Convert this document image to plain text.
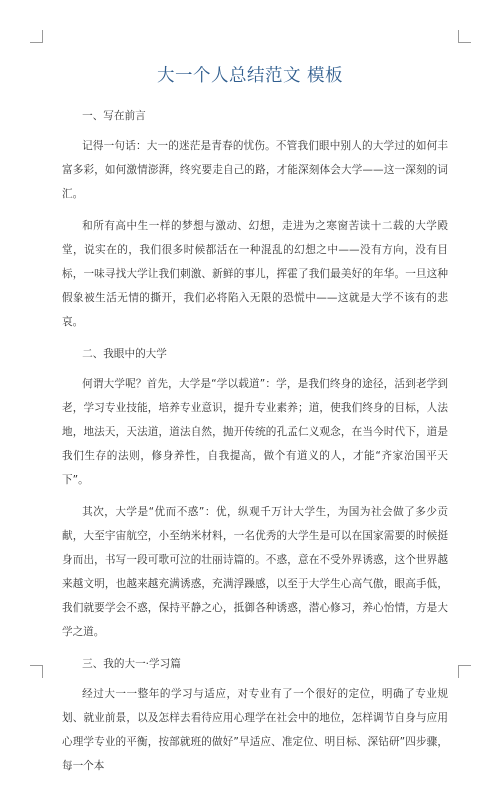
大一个人总结范文 模板

一、写在前言

记得一句话：大一的迷茫是青春的忧伤。不管我们眼中别人的大学过的如何丰富多彩，如何激情澎湃，终究要走自己的路，才能深刻体会大学——这一深刻的词汇。

和所有高中生一样的梦想与激动、幻想，走进为之寒窗苦读十二载的大学殿堂，说实在的，我们很多时候都活在一种混乱的幻想之中——没有方向，没有目标，一味寻找大学让我们刺激、新鲜的事儿，挥霍了我们最美好的年华。一旦这种假象被生活无情的撕开，我们必将陷入无限的恐慌中——这就是大学不该有的悲哀。

二、我眼中的大学

何谓大学呢？首先，大学是“学以载道”：学，是我们终身的途径，活到老学到老，学习专业技能，培养专业意识，提升专业素养；道，使我们终身的目标，人法地，地法天，天法道，道法自然，抛开传统的孔孟仁义观念，在当今时代下，道是我们生存的法则，修身养性，自我提高，做个有道义的人，才能“齐家治国平天下”。

其次，大学是“优而不惑”：优，纵观千万计大学生，为国为社会做了多少贡献，大至宇宙航空，小至纳米材料，一名优秀的大学生是可以在国家需要的时候挺身而出，书写一段可歌可泣的壮丽诗篇的。不惑，意在不受外界诱惑，这个世界越来越文明，也越来越充满诱惑，充满浮躁感，以至于大学生心高气傲，眼高手低，我们就要学会不惑，保持平静之心，抵御各种诱惑，潜心修习，养心怡情，方是大学之道。

三、我的大一·学习篇

经过大一一整年的学习与适应，对专业有了一个很好的定位，明确了专业规划、就业前景，以及怎样去看待应用心理学在社会中的地位，怎样调节自身与应用心理学专业的平衡，按部就班的做好”早适应、准定位、明目标、深钻研”四步骤，每一个本
